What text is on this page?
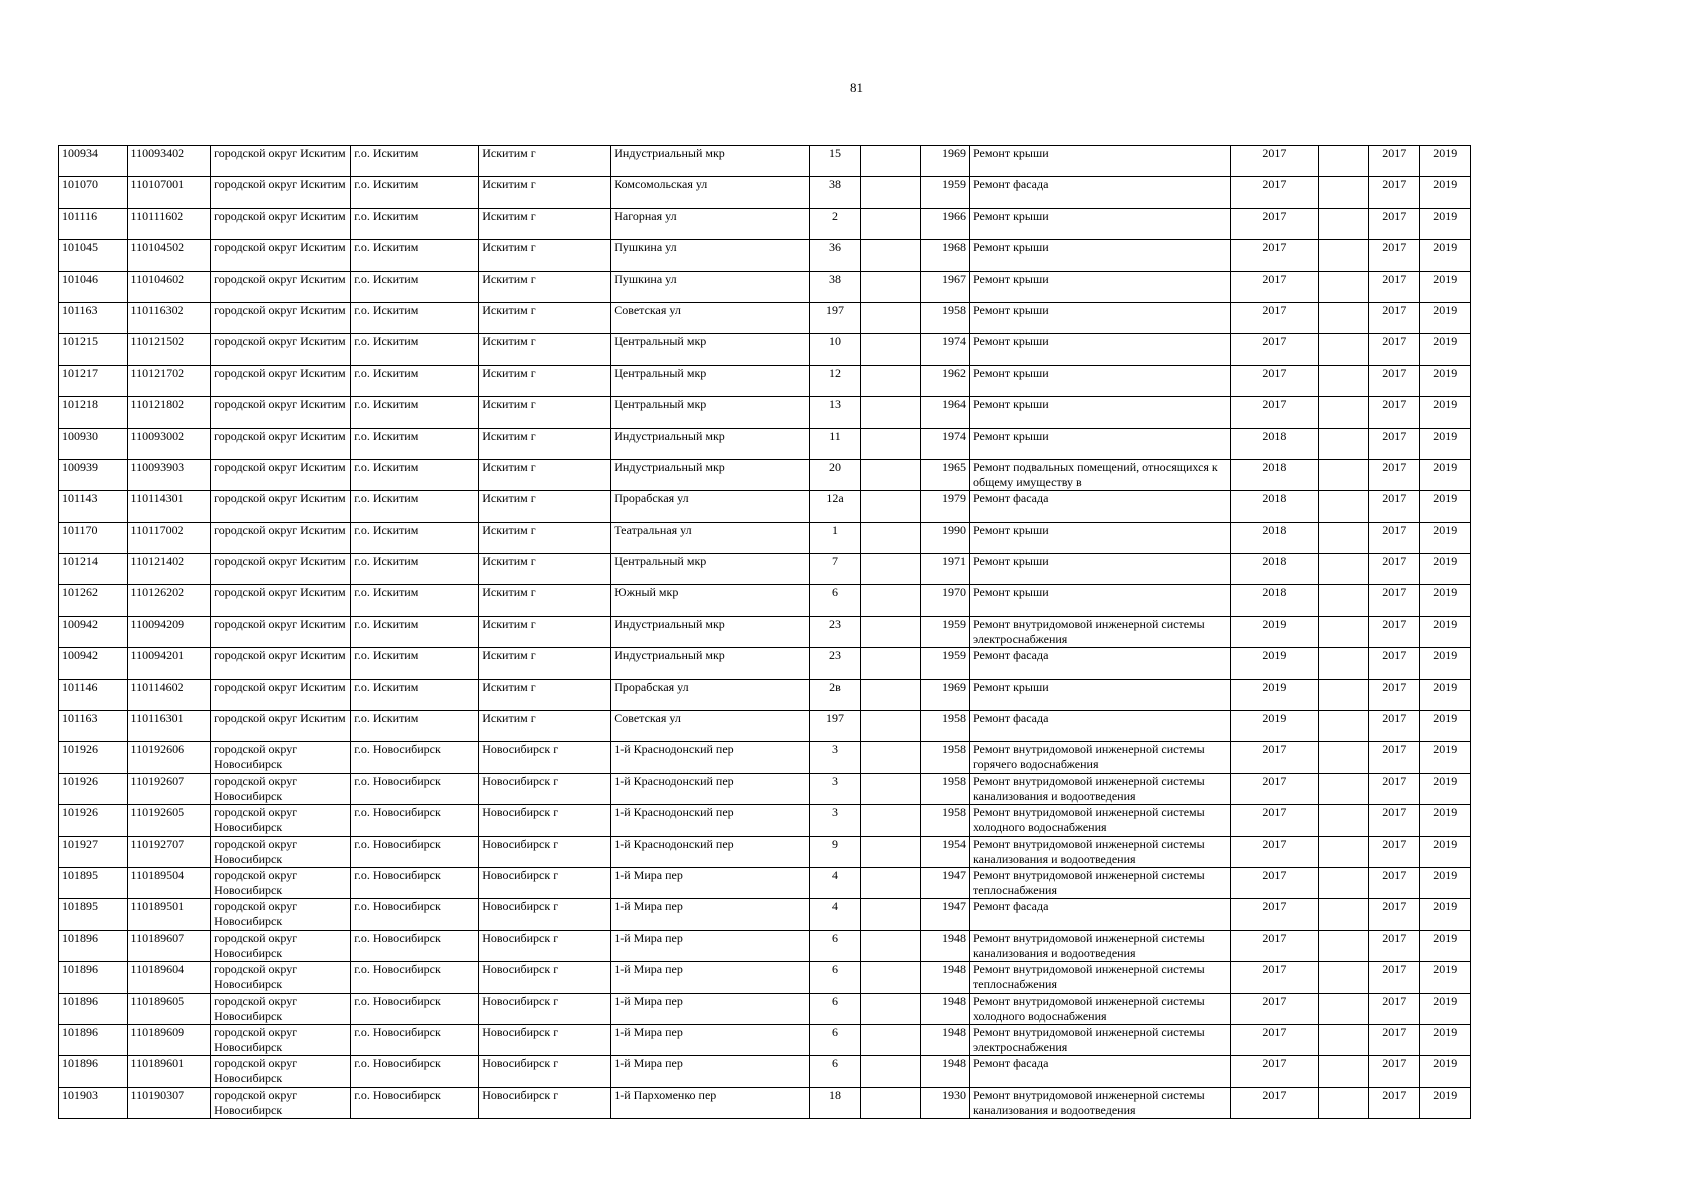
81
100934	110093402	городской округ Искитим	г.о. Искитим	Искитим г	Индустриальный мкр	15		1969	Ремонт крыши	2017		2017	2019

101070	110107001	городской округ Искитим	г.о. Искитим	Искитим г	Комсомольская ул	38		1959	Ремонт фасада	2017		2017	2019

101116	110111602	городской округ Искитим	г.о. Искитим	Искитим г	Нагорная ул	2		1966	Ремонт крыши	2017		2017	2019

101045	110104502	городской округ Искитим	г.о. Искитим	Искитим г	Пушкина ул	36		1968	Ремонт крыши	2017		2017	2019

101046	110104602	городской округ Искитим	г.о. Искитим	Искитим г	Пушкина ул	38		1967	Ремонт крыши	2017		2017	2019

101163	110116302	городской округ Искитим	г.о. Искитим	Искитим г	Советская ул	197		1958	Ремонт крыши	2017		2017	2019

101215	110121502	городской округ Искитим	г.о. Искитим	Искитим г	Центральный мкр	10		1974	Ремонт крыши	2017		2017	2019

101217	110121702	городской округ Искитим	г.о. Искитим	Искитим г	Центральный мкр	12		1962	Ремонт крыши	2017		2017	2019

101218	110121802	городской округ Искитим	г.о. Искитим	Искитим г	Центральный мкр	13		1964	Ремонт крыши	2017		2017	2019

100930	110093002	городской округ Искитим	г.о. Искитим	Искитим г	Индустриальный мкр	11		1974	Ремонт крыши	2018		2017	2019

100939	110093903	городской округ Искитим	г.о. Искитим	Искитим г	Индустриальный мкр	20		1965	Ремонт подвальных помещений, относящихся к общему имуществу в	2018		2017	2019

101143	110114301	городской округ Искитим	г.о. Искитим	Искитим г	Прорабская ул	12а		1979	Ремонт фасада	2018		2017	2019

101170	110117002	городской округ Искитим	г.о. Искитим	Искитим г	Театральная ул	1		1990	Ремонт крыши	2018		2017	2019

101214	110121402	городской округ Искитим	г.о. Искитим	Искитим г	Центральный мкр	7		1971	Ремонт крыши	2018		2017	2019

101262	110126202	городской округ Искитим	г.о. Искитим	Искитим г	Южный мкр	6		1970	Ремонт крыши	2018		2017	2019

100942	110094209	городской округ Искитим	г.о. Искитим	Искитим г	Индустриальный мкр	23		1959	Ремонт внутридомовой инженерной системы электроснабжения	2019		2017	2019

100942	110094201	городской округ Искитим	г.о. Искитим	Искитим г	Индустриальный мкр	23		1959	Ремонт фасада	2019		2017	2019

101146	110114602	городской округ Искитим	г.о. Искитим	Искитим г	Прорабская ул	2в		1969	Ремонт крыши	2019		2017	2019

101163	110116301	городской округ Искитим	г.о. Искитим	Искитим г	Советская ул	197		1958	Ремонт фасада	2019		2017	2019

101926	110192606	городской округ Новосибирск	г.о. Новосибирск	Новосибирск г	1-й Краснодонский пер	3		1958	Ремонт внутридомовой инженерной системы горячего водоснабжения	2017		2017	2019

101926	110192607	городской округ Новосибирск	г.о. Новосибирск	Новосибирск г	1-й Краснодонский пер	3		1958	Ремонт внутридомовой инженерной системы канализования и водоотведения	2017		2017	2019

101926	110192605	городской округ Новосибирск	г.о. Новосибирск	Новосибирск г	1-й Краснодонский пер	3		1958	Ремонт внутридомовой инженерной системы холодного водоснабжения	2017		2017	2019

101927	110192707	городской округ Новосибирск	г.о. Новосибирск	Новосибирск г	1-й Краснодонский пер	9		1954	Ремонт внутридомовой инженерной системы канализования и водоотведения	2017		2017	2019

101895	110189504	городской округ Новосибирск	г.о. Новосибирск	Новосибирск г	1-й Мира пер	4		1947	Ремонт внутридомовой инженерной системы теплоснабжения	2017		2017	2019

101895	110189501	городской округ Новосибирск	г.о. Новосибирск	Новосибирск г	1-й Мира пер	4		1947	Ремонт фасада	2017		2017	2019

101896	110189607	городской округ Новосибирск	г.о. Новосибирск	Новосибирск г	1-й Мира пер	6		1948	Ремонт внутридомовой инженерной системы канализования и водоотведения	2017		2017	2019

101896	110189604	городской округ Новосибирск	г.о. Новосибирск	Новосибирск г	1-й Мира пер	6		1948	Ремонт внутридомовой инженерной системы теплоснабжения	2017		2017	2019

101896	110189605	городской округ Новосибирск	г.о. Новосибирск	Новосибирск г	1-й Мира пер	6		1948	Ремонт внутридомовой инженерной системы холодного водоснабжения	2017		2017	2019

101896	110189609	городской округ Новосибирск	г.о. Новосибирск	Новосибирск г	1-й Мира пер	6		1948	Ремонт внутридомовой инженерной системы электроснабжения	2017		2017	2019

101896	110189601	городской округ Новосибирск	г.о. Новосибирск	Новосибирск г	1-й Мира пер	6		1948	Ремонт фасада	2017		2017	2019

101903	110190307	городской округ Новосибирск	г.о. Новосибирск	Новосибирск г	1-й Пархоменко пер	18		1930	Ремонт внутридомовой инженерной системы канализования и водоотведения	2017		2017	2019
